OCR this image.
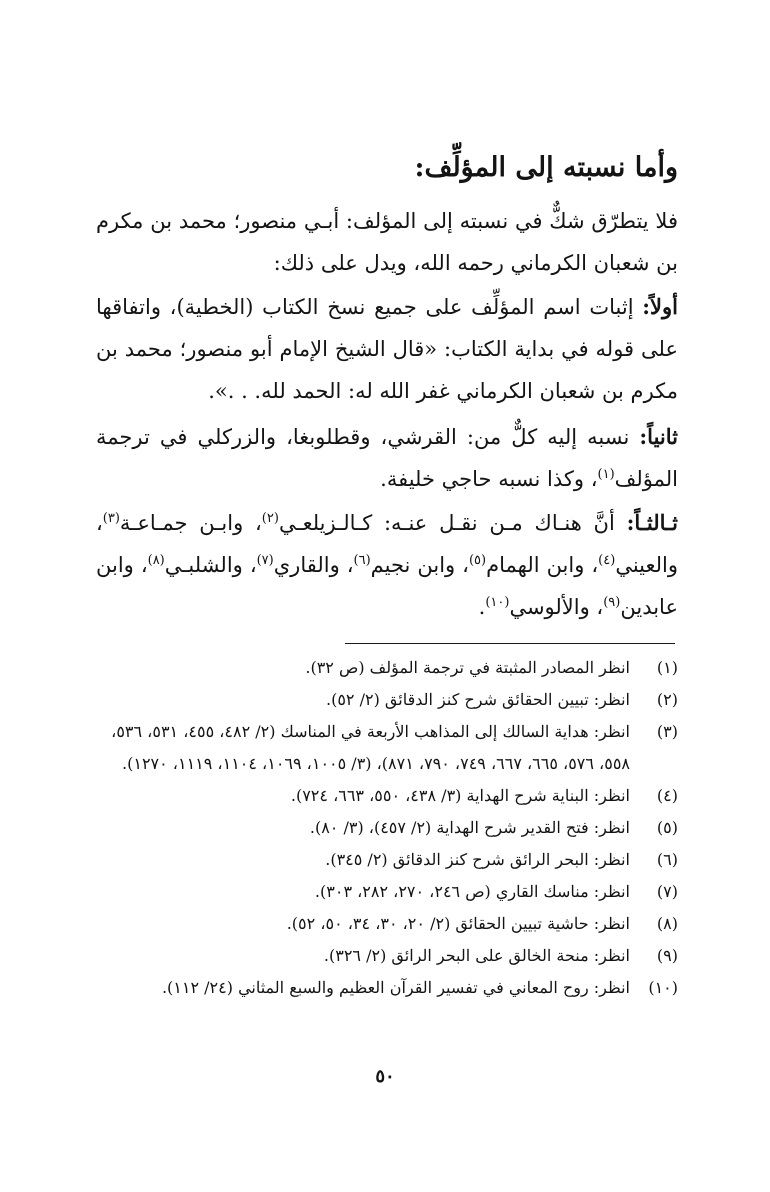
وأما نسبته إلى المؤلِّف:

فلا يتطرّق شكٌّ في نسبته إلى المؤلف: أبـي منصور؛ محمد بن مكرم بن شعبان الكرماني رحمه الله، ويدل على ذلك:

أولاً: إثبات اسم المؤلِّف على جميع نسخ الكتاب (الخطية)، واتفاقها على قوله في بداية الكتاب: «قال الشيخ الإمام أبو منصور؛ محمد بن مكرم بن شعبان الكرماني غفر الله له: الحمد لله. . .».

ثانياً: نسبه إليه كلٌّ من: القرشي، وقطلوبغا، والزركلي في ترجمة المؤلف$^{(١)}$، وكذا نسبه حاجي خليفة.

ثـالثـاً: أنَّ هنـاك مـن نقـل عنـه: كـالـزيلعـي$^{(٢)}$، وابـن جمـاعـة$^{(٣)}$، والعيني$^{(٤)}$، وابن الهمام$^{(٥)}$، وابن نجيم$^{(٦)}$، والقاري$^{(٧)}$، والشلبـي$^{(٨)}$، وابن عابدين$^{(٩)}$، والألوسي$^{(١٠)}$.

(١)
انظر المصادر المثبتة في ترجمة المؤلف (ص ٣٢).
(٢)
انظر: تبيين الحقائق شرح كنز الدقائق (٢/ ٥٢).
(٣)
انظر: هداية السالك إلى المذاهب الأربعة في المناسك (٢/ ٤٨٢، ٤٥٥، ٥٣١، ٥٣٦، ٥٥٨، ٥٧٦، ٦٦٥، ٦٦٧، ٧٤٩، ٧٩٠، ٨٧١)، (٣/ ١٠٠٥، ١٠٦٩، ١١٠٤، ١١١٩، ١٢٧٠).
(٤)
انظر: البناية شرح الهداية (٣/ ٤٣٨، ٥٥٠، ٦٦٣، ٧٢٤).
(٥)
انظر: فتح القدير شرح الهداية (٢/ ٤٥٧)، (٣/ ٨٠).
(٦)
انظر: البحر الرائق شرح كنز الدقائق (٢/ ٣٤٥).
(٧)
انظر: مناسك القاري (ص ٢٤٦، ٢٧٠، ٢٨٢، ٣٠٣).
(٨)
انظر: حاشية تبيين الحقائق (٢/ ٢٠، ٣٠، ٣٤، ٥٠، ٥٢).
(٩)
انظر: منحة الخالق على البحر الرائق (٢/ ٣٢٦).
(١٠)
انظر: روح المعاني في تفسير القرآن العظيم والسبع المثاني (٢٤/ ١١٢).
٥٠
